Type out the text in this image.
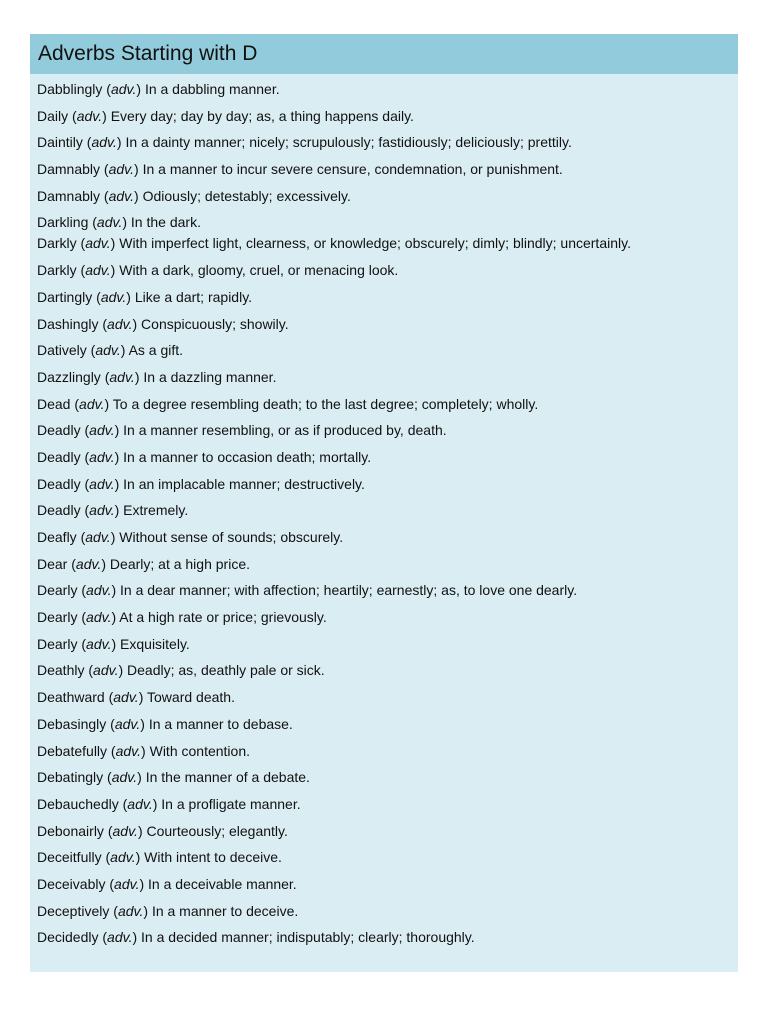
Adverbs Starting with D
Dabblingly (adv.) In a dabbling manner.
Daily (adv.) Every day; day by day; as, a thing happens daily.
Daintily (adv.) In a dainty manner; nicely; scrupulously; fastidiously; deliciously; prettily.
Damnably (adv.) In a manner to incur severe censure, condemnation, or punishment.
Damnably (adv.) Odiously; detestably; excessively.
Darkling (adv.) In the dark.
Darkly (adv.) With imperfect light, clearness, or knowledge; obscurely; dimly; blindly; uncertainly.
Darkly (adv.) With a dark, gloomy, cruel, or menacing look.
Dartingly (adv.) Like a dart; rapidly.
Dashingly (adv.) Conspicuously; showily.
Datively (adv.) As a gift.
Dazzlingly (adv.) In a dazzling manner.
Dead (adv.) To a degree resembling death; to the last degree; completely; wholly.
Deadly (adv.) In a manner resembling, or as if produced by, death.
Deadly (adv.) In a manner to occasion death; mortally.
Deadly (adv.) In an implacable manner; destructively.
Deadly (adv.) Extremely.
Deafly (adv.) Without sense of sounds; obscurely.
Dear (adv.) Dearly; at a high price.
Dearly (adv.) In a dear manner; with affection; heartily; earnestly; as, to love one dearly.
Dearly (adv.) At a high rate or price; grievously.
Dearly (adv.) Exquisitely.
Deathly (adv.) Deadly; as, deathly pale or sick.
Deathward (adv.) Toward death.
Debasingly (adv.) In a manner to debase.
Debatefully (adv.) With contention.
Debatingly (adv.) In the manner of a debate.
Debauchedly (adv.) In a profligate manner.
Debonairly (adv.) Courteously; elegantly.
Deceitfully (adv.) With intent to deceive.
Deceivably (adv.) In a deceivable manner.
Deceptively (adv.) In a manner to deceive.
Decidedly (adv.) In a decided manner; indisputably; clearly; thoroughly.
